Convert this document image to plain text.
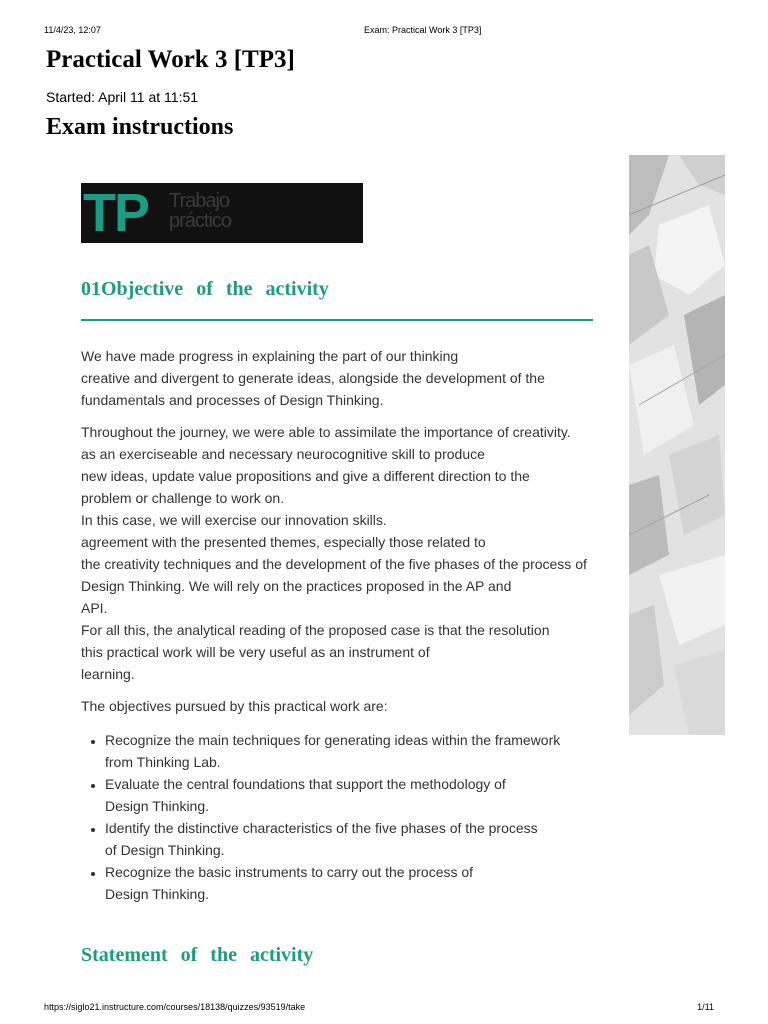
11/4/23, 12:07	Exam: Practical Work 3 [TP3]
Practical Work 3 [TP3]
Started: April 11 at 11:51
Exam instructions
TP Trabajo
práctico
01Objective of the activity

We have made progress in explaining the part of our thinking
creative and divergent to generate ideas, alongside the development of the
fundamentals and processes of Design Thinking.

Throughout the journey, we were able to assimilate the importance of creativity.
as an exerciseable and necessary neurocognitive skill to produce
new ideas, update value propositions and give a different direction to the
problem or challenge to work on.
In this case, we will exercise our innovation skills.
agreement with the presented themes, especially those related to
the creativity techniques and the development of the five phases of the process of
Design Thinking. We will rely on the practices proposed in the AP and
API.
For all this, the analytical reading of the proposed case is that the resolution
this practical work will be very useful as an instrument of
learning.

The objectives pursued by this practical work are:

• Recognize the main techniques for generating ideas within the framework
from Thinking Lab.
• Evaluate the central foundations that support the methodology of
Design Thinking.
• Identify the distinctive characteristics of the five phases of the process
of Design Thinking.
• Recognize the basic instruments to carry out the process of
Design Thinking.
Statement of the activity
https://siglo21.instructure.com/courses/18138/quizzes/93519/take	1/11
